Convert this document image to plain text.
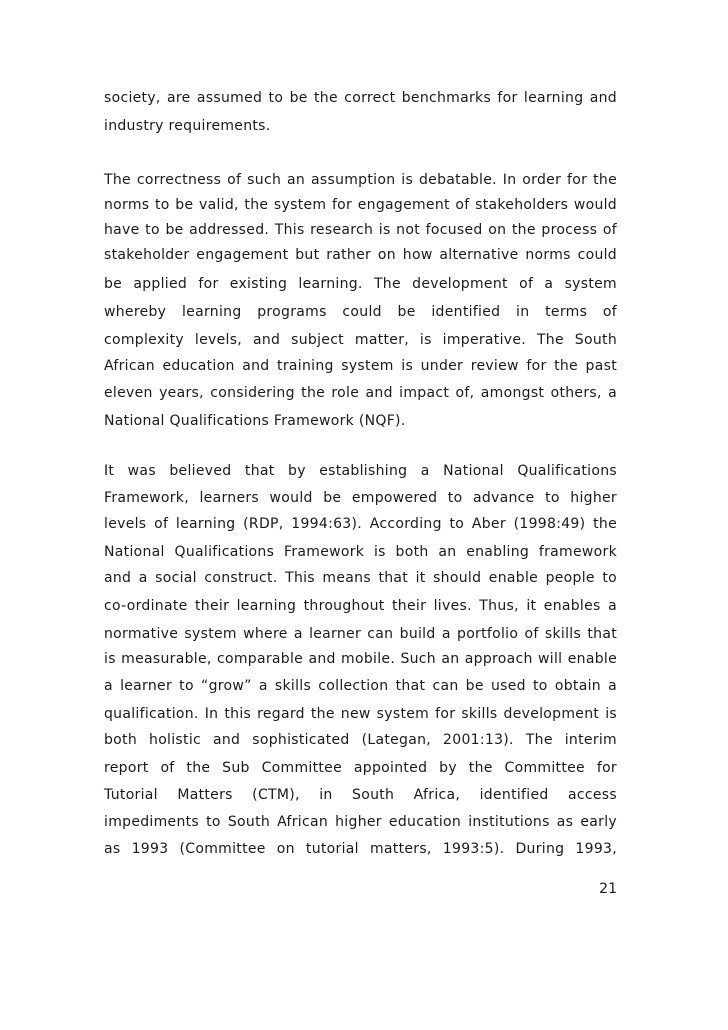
society, are assumed to be the correct benchmarks for learning and
industry requirements.
The correctness of such an assumption is debatable. In order for the
norms to be valid, the system for engagement of stakeholders would
have to be addressed. This research is not focused on the process of
stakeholder engagement but rather on how alternative norms could
be applied for existing learning. The development of a system
whereby learning programs could be identified in terms of
complexity levels, and subject matter, is imperative. The South
African education and training system is under review for the past
eleven years, considering the role and impact of, amongst others, a
National Qualifications Framework (NQF).
It was believed that by establishing a National Qualifications
Framework, learners would be empowered to advance to higher
levels of learning (RDP, 1994:63). According to Aber (1998:49) the
National Qualifications Framework is both an enabling framework
and a social construct. This means that it should enable people to
co-ordinate their learning throughout their lives. Thus, it enables a
normative system where a learner can build a portfolio of skills that
is measurable, comparable and mobile. Such an approach will enable
a learner to “grow” a skills collection that can be used to obtain a
qualification. In this regard the new system for skills development is
both holistic and sophisticated (Lategan, 2001:13). The interim
report of the Sub Committee appointed by the Committee for
Tutorial Matters (CTM), in South Africa, identified access
impediments to South African higher education institutions as early
as 1993 (Committee on tutorial matters, 1993:5). During 1993,
21
